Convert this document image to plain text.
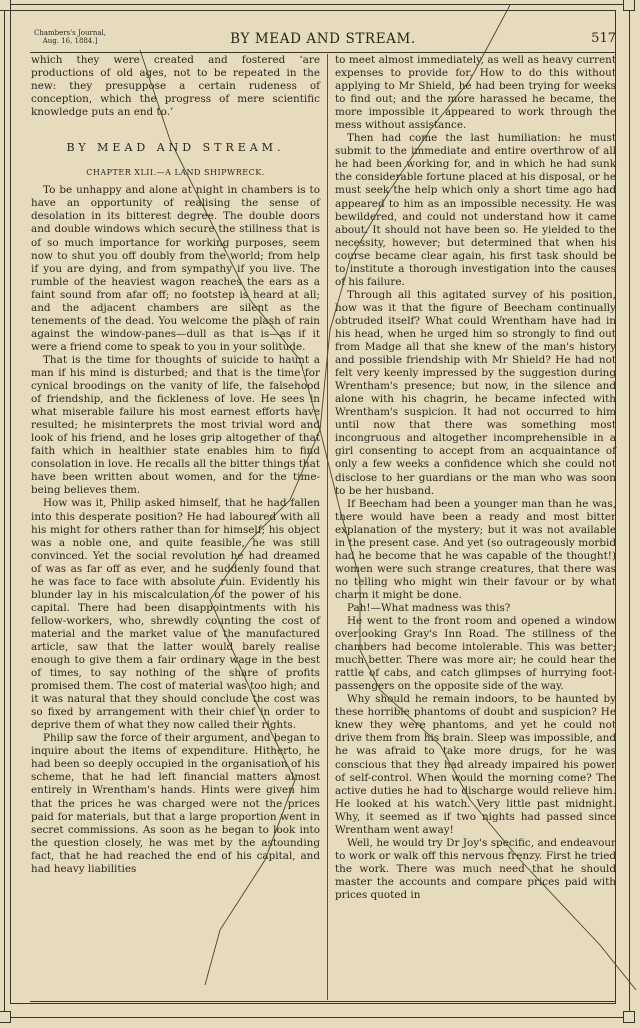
Chambers's Journal,
Aug. 16, 1884.]	BY MEAD AND STREAM.	517

which they were created and fostered ‘are productions of old ages, not to be repeated in the new: they presuppose a certain rudeness of conception, which the progress of mere scientific knowledge puts an end to.’

BY MEAD AND STREAM.
CHAPTER XLII.—A LAND SHIPWRECK.

To be unhappy and alone at night in chambers is to have an opportunity of realising the sense of desolation in its bitterest degree. The double doors and double windows which secure the stillness that is of so much importance for working purposes, seem now to shut you off doubly from the world; from help if you are dying, and from sympathy if you live. The rumble of the heaviest wagon reaches the ears as a faint sound from afar off; no footstep is heard at all; and the adjacent chambers are silent as the tenements of the dead. You welcome the plash of rain against the window-panes—dull as that is—as if it were a friend come to speak to you in your solitude.

That is the time for thoughts of suicide to haunt a man if his mind is disturbed; and that is the time for cynical broodings on the vanity of life, the falsehood of friendship, and the fickleness of love. He sees in what miserable failure his most earnest efforts have resulted; he misinterprets the most trivial word and look of his friend, and he loses grip altogether of that faith which in healthier state enables him to find consolation in love. He recalls all the bitter things that have been written about women, and for the time-being believes them.

How was it, Philip asked himself, that he had fallen into this desperate position? He had laboured with all his might for others rather than for himself; his object was a noble one, and quite feasible, he was still convinced. Yet the social revolution he had dreamed of was as far off as ever, and he suddenly found that he was face to face with absolute ruin. Evidently his blunder lay in his miscalculation of the power of his capital. There had been disappointments with his fellow-workers, who, shrewdly counting the cost of material and the market value of the manufactured article, saw that the latter would barely realise enough to give them a fair ordinary wage in the best of times, to say nothing of the share of profits promised them. The cost of material was too high; and it was natural that they should conclude the cost was so fixed by arrangement with their chief in order to deprive them of what they now called their rights.

Philip saw the force of their argument, and began to inquire about the items of expenditure. Hitherto, he had been so deeply occupied in the organisation of his scheme, that he had left financial matters almost entirely in Wrentham's hands. Hints were given him that the prices he was charged were not the prices paid for materials, but that a large proportion went in secret commissions. As soon as he began to look into the question closely, he was met by the astounding fact, that he had reached the end of his capital, and had heavy liabilities

to meet almost immediately, as well as heavy current expenses to provide for. How to do this without applying to Mr Shield, he had been trying for weeks to find out; and the more harassed he became, the more impossible it appeared to work through the mess without assistance.

Then had come the last humiliation: he must submit to the immediate and entire overthrow of all he had been working for, and in which he had sunk the considerable fortune placed at his disposal, or he must seek the help which only a short time ago had appeared to him as an impossible necessity. He was bewildered, and could not understand how it came about. It should not have been so. He yielded to the necessity, however; but determined that when his course became clear again, his first task should be to institute a thorough investigation into the causes of his failure.

Through all this agitated survey of his position, how was it that the figure of Beecham continually obtruded itself? What could Wrentham have had in his head, when he urged him so strongly to find out from Madge all that she knew of the man's history and possible friendship with Mr Shield? He had not felt very keenly impressed by the suggestion during Wrentham's presence; but now, in the silence and alone with his chagrin, he became infected with Wrentham's suspicion. It had not occurred to him until now that there was something most incongruous and altogether incomprehensible in a girl consenting to accept from an acquaintance of only a few weeks a confidence which she could not disclose to her guardians or the man who was soon to be her husband.

If Beecham had been a younger man than he was, there would have been a ready and most bitter explanation of the mystery; but it was not available in the present case. And yet (so outrageously morbid had he become that he was capable of the thought!) women were such strange creatures, that there was no telling who might win their favour or by what charm it might be done.

Pah!—What madness was this?

He went to the front room and opened a window overlooking Gray's Inn Road. The stillness of the chambers had become intolerable. This was better; much better. There was more air; he could hear the rattle of cabs, and catch glimpses of hurrying foot-passengers on the opposite side of the way.

Why should he remain indoors, to be haunted by these horrible phantoms of doubt and suspicion? He knew they were phantoms, and yet he could not drive them from his brain. Sleep was impossible, and he was afraid to take more drugs, for he was conscious that they had already impaired his power of self-control. When would the morning come? The active duties he had to discharge would relieve him. He looked at his watch. Very little past midnight. Why, it seemed as if two nights had passed since Wrentham went away!

Well, he would try Dr Joy's specific, and endeavour to work or walk off this nervous frenzy. First he tried the work. There was much need that he should master the accounts and compare prices paid with prices quoted in
